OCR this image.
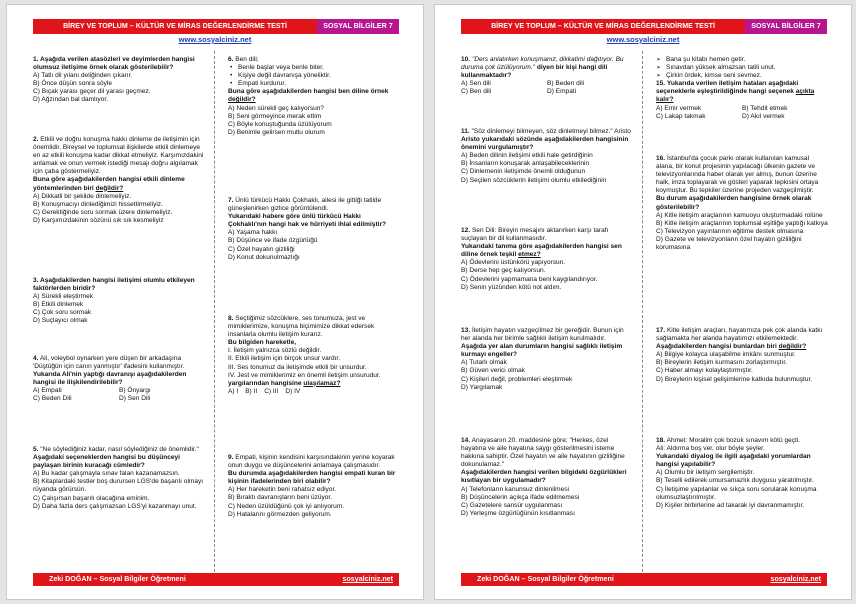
BİREY VE TOPLUM – KÜLTÜR VE MİRAS DEĞERLENDİRME TESTİ	SOSYAL BİLGİLER 7
www.sosyalciniz.net
1. Aşağıda verilen atasözleri ve deyimlerden hangisi olumsuz iletişime örnek olarak gösterilebilir?
A) Tatlı dil yılanı deliğinden çıkarır.
B) Önce düşün sonra söyle
C) Bıçak yarası geçer dil yarası geçmez.
D) Ağzından bal damlıyor.
2. Etkili ve doğru konuşma hakkı dinleme de iletişimin için önemlidir. Bireysel ve toplumsal ilişkilerde etkili dinlemeye en az etkili konuşma kadar dikkat etmeliyiz. Karşımızdakini anlamak ve onun vermek istediği mesajı doğru algılamak için çaba göstermeliyiz.
Buna göre aşağıdakilerden hangisi etkili dinleme yöntemlerinden biri değildir?
A) Dikkatli bir şekilde dinlemeliyiz.
B) Konuşmacıyı dinlediğimizi hissettirmeliyiz.
C) Gerektiğinde soru sormak üzere dinlemeliyiz.
D) Karşımızdakinin sözünü sık sık kesmeliyiz
3. Aşağıdakilerden hangisi iletişimi olumlu etkileyen faktörlerden biridir?
A) Sürekli eleştirmek
B) Etkili dinlemek
C) Çok soru sormak
D) Suçlayıcı olmak
4. Ali, voleybol oynarken yere düşen bir arkadaşına 'Düştüğün için canın yanmıştır' ifadesini kullanmıştır.
Yukarıda Ali'nin yaptığı davranışı aşağıdakilerden hangisi ile ilişkilendirilebilir?
A) Empati	B) Önyargı
C) Beden Dili	D) Sen Dili
5. "Ne söylediğiniz kadar, nasıl söylediğiniz de önemlidir."
Aşağıdaki seçeneklerden hangisi bu düşünceyi paylaşan birinin kuracağı cümledir?
A) Bu kadar çalışmayla sınav falan kazanamazsın.
B) Kitaplardaki testler boş durursen LGS'de başarılı olmayı rüyanda görürsün.
C) Çalışırsan başarılı olacağına eminim.
D) Daha fazla ders çalışmazsan LGS'yi kazanmayı unut.
6. Ben dili;
• Benle başlar veya benle biter.
• Kişiye değil davranışa yöneliktir.
• Empati kurdurur.
Buna göre aşağıdakilerden hangisi ben diline örnek değildir?
A) Neden sürekli geç kalıyorsun?
B) Seni görmeyince merak ettim
C) Böyle konuştuğunda üzülüyorum
D) Benimle gelirsen mutlu olurum
7. Ünlü türkücü Hakkı Çokhaklı, ailesi ile gittiği tatilde güneşlenirken gizlice görüntülendi.
Yukarıdaki habere göre ünlü türkücü Hakkı Çokhaklı'nın hangi hak ve hürriyeti ihlal edilmiştir?
A) Yaşama hakkı
B) Düşünce ve ifade özgürlüğü
C) Özel hayatın gizliliği
D) Konut dokunulmazlığı
8. Seçtiğimiz sözcüklere, ses tonumuza, jest ve mimiklerimize, konuşma biçimimize dikkat edersek insanlarla olumlu iletişim kurarız.
Bu bilgiden hareketle,
I. İletişim yalnızca sözlü değildir.
II. Etkili iletişim için birçok unsur vardır.
III. Ses tonumuz da iletişimde etkili bir unsurdur.
IV. Jest ve mimiklerimiz en önemli iletişim unsurudur.
yargılarından hangisine ulaşılamaz?
A) I B) II C) III D) IV
9. Empati, kişinin kendisini karşısındakinin yerine koyarak onun duygu ve düşüncelerini anlamaya çalışmasıdır.
Bu durumda aşağıdakilerden hangisi empati kuran bir kişinin ifadelerinden biri olabilir?
A) Her hareketin beni rahatsız ediyor.
B) Bıraktı davranışların beni üzüyor.
C) Neden üzüldüğünü çok iyi anlıyorum.
D) Hatalarını görmezden geliyorum.
Zeki DOĞAN – Sosyal Bilgiler Öğretmeni	sosyalciniz.net
BİREY VE TOPLUM – KÜLTÜR VE MİRAS DEĞERLENDİRME TESTİ	SOSYAL BİLGİLER 7
www.sosyalciniz.net
10. "Ders anlatırken konuşmanız, dikkatimi dağıtıyor. Bu duruma çok üzülüyorum." diyen bir kişi hangi dili kullanmaktadır?
A) Sen dili	B) Beden dili
C) Ben dili	D) Empati
11. "Söz dinlemeyi bilmeyen, söz dinletmeyi bilmez." Aristo
Aristo yukarıdaki sözünde aşağıdakilerden hangisinin önemini vurgulamıştır?
A) Beden dilinin iletişimi etkili hale getirdiğinin
B) İnsanların konuşarak anlaşabileceklerinin
C) Dinlemenin iletişimde önemli olduğunun
D) Seçilen sözcüklerin iletişimi olumlu etkilediğinin
12. Sen Dili: Bireyin mesajını aktarırken karşı tarafı suçlayan bir dil kullanmasıdır.
Yukarıdaki tanıma göre aşağıdakilerden hangisi sen diline örnek teşkil etmez?
A) Ödevlerini üstünkörü yapıyorsun.
B) Derse hep geç kalıyorsun.
C) Ödevlerini yapmamana beni kaygılandırıyor.
D) Senin yüzünden kötü not aldım.
13. İletişim hayatın vazgeçilmez bir gereğidir. Bunun için her alanda her birimle sağlıklı iletişim kurulmalıdır.
Aşağıda yer alan durumların hangisi sağlıklı iletişim kurmayı engeller?
A) Tutarlı olmak
B) Güven verici olmak
C) Kişileri değil, problemleri eleştirmek
D) Yargılamak
14. Anayasanın 20. maddesine göre; "Herkes, özel hayatına ve aile hayatına saygı gösterilmesini isteme hakkına sahiptir. Özel hayatın ve aile hayatının gizliliğine dokunulamaz."
Aşağıdakilerden hangisi verilen bilgideki özgürlükleri kısıtlayan bir uygulamadır?
A) Telefonların kanunsuz dinlenilmesi
B) Düşüncelerin açıkça ifade edilmemesi
C) Gazetelere sansür uygulanması
D) Yerleşme özgürlüğünün kısıtlanması
➢ Bana şu kitabı hemen getir.
➢ Sınavdan yüksek almazsan tatili unut.
➢ Çirkin ördek, kimse seni sevmez.
15. Yukarıda verilen iletişim hataları aşağıdaki seçeneklerle eşleştirildiğinde hangi seçenek açıkta kalır?
A) Emir vermek	B) Tehdit etmek
C) Lakap takmak	D) Akıl vermek
16. İstanbul'da çocuk parkı olarak kullanılan kamusal alana, bir konut projesinin yapılacağı ülkenin gazete ve televizyonlarında haber olarak yer almış, bunun üzerine halk, imza toplayarak ve gösteri yaparak tepkisini ortaya koymuştur. Bu tepkiler üzerine projeden vazgeçilmiştir.
Bu durum aşağıdakilerden hangisine örnek olarak gösterilebilir?
A) Kitle iletişim araçlarının kamuoyu oluşturmadaki rolüne
B) Kitle iletişim araçlarının toplumsal eşitliğe yaptığı katkıya
C) Televizyon yayınlarının eğitime destek olmasına
D) Gazete ve televizyonların özel hayatın gizliliğini korumasına
17. Kitle iletişim araçları, hayatımıza pek çok alanda katkı sağlamakta her alanda hayatımızı etkilemektedir.
Aşağıdakilerden hangisi bunlardan biri değildir?
A) Bilgiye kolayca ulaşabilme imkânı sunmuştur.
B) Bireylerin iletişim kurmasını zorlaştırmıştır.
C) Haber almayı kolaylaştırmıştır.
D) Bireylerin kişisel gelişimlerine katkıda bulunmuştur.
18. Ahmet: Moralim çok bozuk sınavım kötü geçti.
Ali: Aldırma boş ver, olur böyle şeyler.
Yukarıdaki diyalog ile ilgili aşağıdaki yorumlardan hangisi yapılabilir?
A) Olumlu bir iletişim sergilemiştir.
B) Teselli edilerek umursamazlık duygusu yaratılmıştır.
C) İletişime yapılanlar ve sıkça soru sorularak konuşma olumsuzlaştırılmıştır.
D) Kişiler birbirlerine ad takarak iyi davranmamıştır.
Zeki DOĞAN – Sosyal Bilgiler Öğretmeni	sosyalciniz.net
